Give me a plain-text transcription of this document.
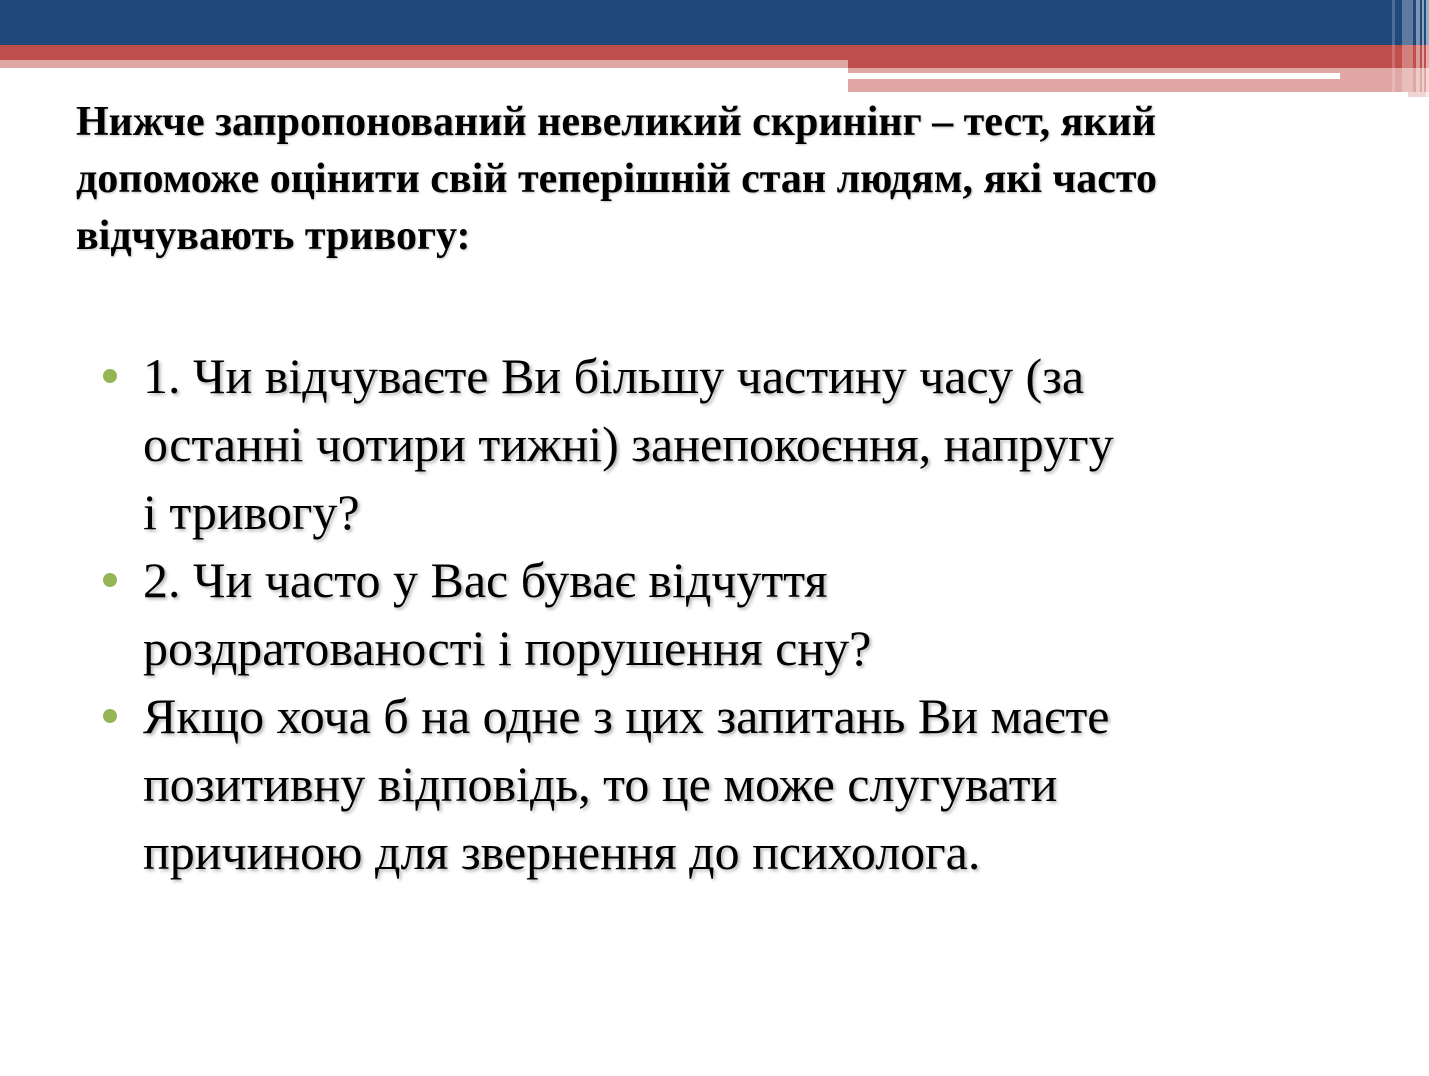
Нижче запропонований невеликий скринінг – тест, який
допоможе оцінити свій теперішній стан людям, які часто
відчувають тривогу:
1. Чи відчуваєте Ви більшу частину часу (за
останні чотири тижні) занепокоєння, напругу
і тривогу?
2. Чи часто у Вас буває відчуття
роздратованості і порушення сну?
Якщо хоча б на одне з цих запитань Ви маєте
позитивну відповідь, то це може слугувати
причиною для звернення до психолога.
